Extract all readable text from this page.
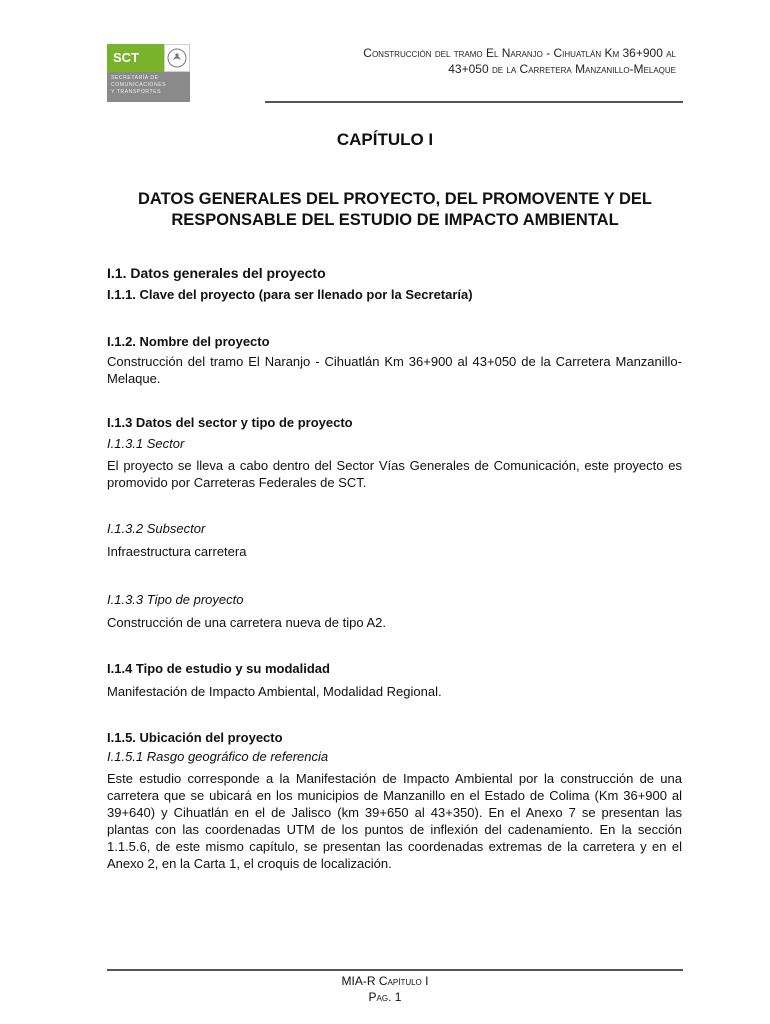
SCT
SECRETARÍA DE
COMUNICACIONES
Y TRANSPORTES
Construcción del tramo El Naranjo - Cihuatlán Km 36+900 al
43+050 de la Carretera Manzanillo-Melaque
CAPÍTULO I
DATOS GENERALES DEL PROYECTO, DEL PROMOVENTE Y DEL RESPONSABLE DEL ESTUDIO DE IMPACTO AMBIENTAL
I.1. Datos generales del proyecto
I.1.1. Clave del proyecto (para ser llenado por la Secretaría)
I.1.2. Nombre del proyecto
Construcción del tramo El Naranjo - Cihuatlán Km 36+900 al 43+050 de la Carretera Manzanillo-Melaque.
I.1.3 Datos del sector y tipo de proyecto
I.1.3.1 Sector
El proyecto se lleva a cabo dentro del Sector Vías Generales de Comunicación, este proyecto es promovido por Carreteras Federales de SCT.
I.1.3.2 Subsector
Infraestructura carretera
I.1.3.3 Tipo de proyecto
Construcción de una carretera nueva de tipo A2.
I.1.4 Tipo de estudio y su modalidad
Manifestación de Impacto Ambiental, Modalidad Regional.
I.1.5. Ubicación del proyecto
I.1.5.1 Rasgo geográfico de referencia
Este estudio corresponde a la Manifestación de Impacto Ambiental por la construcción de una carretera que se ubicará en los municipios de Manzanillo en el Estado de Colima (Km 36+900 al 39+640) y Cihuatlán en el de Jalisco (km 39+650 al 43+350). En el Anexo 7 se presentan las plantas con las coordenadas UTM de los puntos de inflexión del cadenamiento. En la sección 1.1.5.6, de este mismo capítulo, se presentan las coordenadas extremas de la carretera y en el Anexo 2, en la Carta 1, el croquis de localización.
MIA-R Capítulo I
Pag. 1
